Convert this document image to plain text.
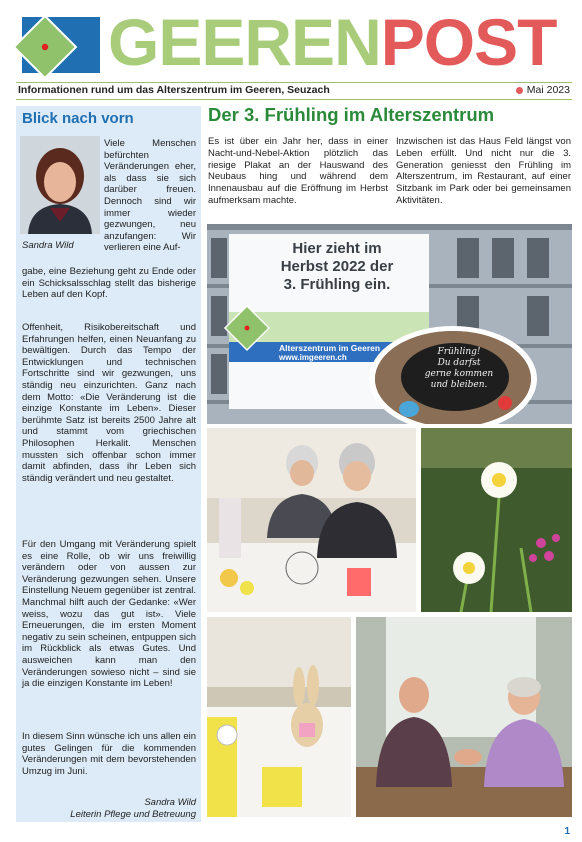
GEERENPOST
Informationen rund um das Alterszentrum im Geeren, Seuzach	Mai 2023
Blick nach vorn
Sandra Wild
Viele Menschen befürchten Veränderungen eher, als dass sie sich darüber freuen. Dennoch sind wir immer wieder gezwungen, neu anzufangen: Wir verlieren eine Auf-
gabe, eine Beziehung geht zu Ende oder ein Schicksalsschlag stellt das bisherige Leben auf den Kopf.
Offenheit, Risikobereitschaft und Erfahrungen helfen, einen Neuanfang zu bewältigen. Durch das Tempo der Entwicklungen und technischen Fortschritte sind wir gezwungen, uns ständig neu einzurichten. Ganz nach dem Motto: «Die Veränderung ist die einzige Konstante im Leben». Dieser berühmte Satz ist bereits 2500 Jahre alt und stammt vom griechischen Philosophen Herkalit. Menschen mussten sich offenbar schon immer damit abfinden, dass ihr Leben sich ständig verändert und neu gestaltet.
Für den Umgang mit Veränderung spielt es eine Rolle, ob wir uns freiwillig verändern oder von aussen zur Veränderung gezwungen sehen. Unsere Einstellung Neuem gegenüber ist zentral. Manchmal hilft auch der Gedanke: «Wer weiss, wozu das gut ist». Viele Erneuerungen, die im ersten Moment negativ zu sein scheinen, entpuppen sich im Rückblick als etwas Gutes. Und ausweichen kann man den Veränderungen sowieso nicht – sind sie ja die einzigen Konstante im Leben!
In diesem Sinn wünsche ich uns allen ein gutes Gelingen für die kommenden Veränderungen mit dem bevorstehenden Umzug im Juni.
Sandra Wild
Leiterin Pflege und Betreuung
Der 3. Frühling im Alterszentrum
Es ist über ein Jahr her, dass in einer Nacht-und-Nebel-Aktion plötzlich das riesige Plakat an der Hauswand des Neubaus hing und während dem Innenausbau auf die Eröffnung im Herbst aufmerksam machte.
Inzwischen ist das Haus Feld längst von Leben erfüllt. Und nicht nur die 3. Generation geniesst den Frühling im Alterszentrum, im Restaurant, auf einer Sitzbank im Park oder bei gemeinsamen Aktivitäten.
Hier zieht im
Herbst 2022 der
3. Frühling ein.
Alterszentrum im Geeren
www.imgeeren.ch
Frühling!
Du darfst
gerne kommen
und bleiben.
1
